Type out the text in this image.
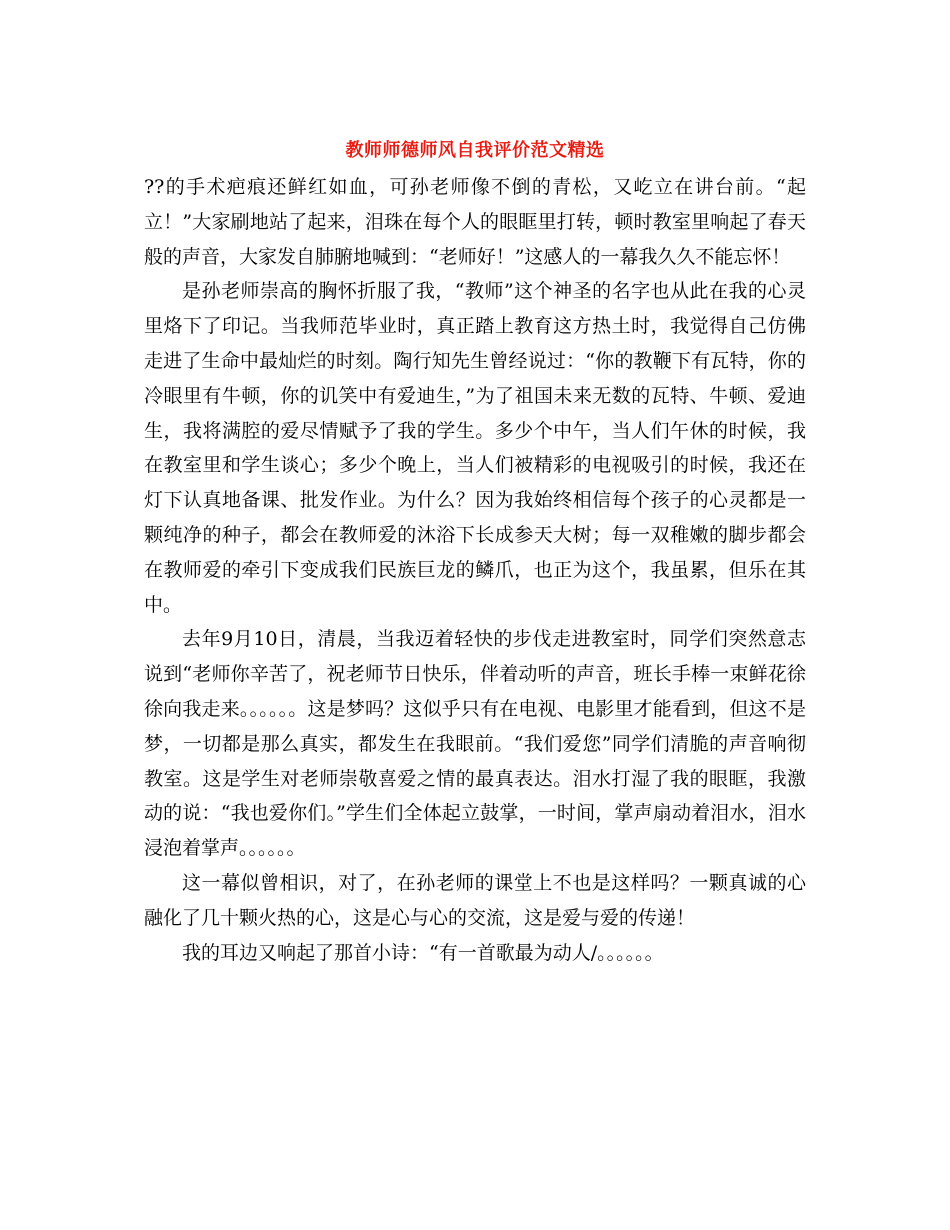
教师师德师风自我评价范文精选

??的手术疤痕还鲜红如血，可孙老师像不倒的青松，又屹立在讲台前。“起立！”大家刷地站了起来，泪珠在每个人的眼眶里打转，顿时教室里响起了春天般的声音，大家发自肺腑地喊到：“老师好！”这感人的一幕我久久不能忘怀！

是孙老师崇高的胸怀折服了我，“教师”这个神圣的名字也从此在我的心灵里烙下了印记。当我师范毕业时，真正踏上教育这方热土时，我觉得自己仿佛走进了生命中最灿烂的时刻。陶行知先生曾经说过：“你的教鞭下有瓦特，你的冷眼里有牛顿，你的讥笑中有爱迪生，”为了祖国未来无数的瓦特、牛顿、爱迪生，我将满腔的爱尽情赋予了我的学生。多少个中午，当人们午休的时候，我在教室里和学生谈心；多少个晚上，当人们被精彩的电视吸引的时候，我还在灯下认真地备课、批发作业。为什么？因为我始终相信每个孩子的心灵都是一颗纯净的种子，都会在教师爱的沐浴下长成参天大树；每一双稚嫩的脚步都会在教师爱的牵引下变成我们民族巨龙的鳞爪，也正为这个，我虽累，但乐在其中。

去年9月10日，清晨，当我迈着轻快的步伐走进教室时，同学们突然意志说到“老师你辛苦了，祝老师节日快乐，伴着动听的声音，班长手棒一束鲜花徐徐向我走来。。。。。。这是梦吗？这似乎只有在电视、电影里才能看到，但这不是梦，一切都是那么真实，都发生在我眼前。“我们爱您”同学们清脆的声音响彻教室。这是学生对老师崇敬喜爱之情的最真表达。泪水打湿了我的眼眶，我激动的说：“我也爱你们。”学生们全体起立鼓掌，一时间，掌声扇动着泪水，泪水浸泡着掌声。。。。。。

这一幕似曾相识，对了，在孙老师的课堂上不也是这样吗？一颗真诚的心融化了几十颗火热的心，这是心与心的交流，这是爱与爱的传递！

我的耳边又响起了那首小诗：“有一首歌最为动人/。。。。。。
